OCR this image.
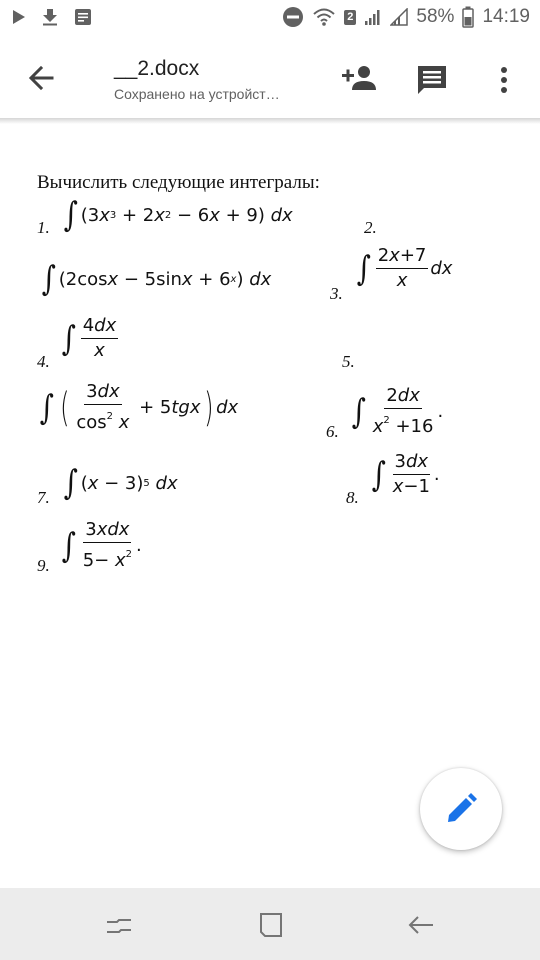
2	58% 14:19
__2.docx
Сохранено на устройст…
Вычислить следующие интегралы:
1. ∫ (3 x 3 + 2 x 2 − 6 x + 9) dx
2.
∫ (2cos x − 5sin x + 6 x ) dx
3.
∫ $\frac{2x+7}{x}$ dx
4.
∫ $\frac{4dx}{x}$	5.
∫ ( $\frac{3dx}{\cos^2 x} + 5$ tgx ) dx
6. ∫ $\frac{2dx}{x^2 +16}$ .
7. ∫ ( x − 3) 5
dx
8.
∫ $\frac{3dx}{x-1}$ .
9. ∫ $\frac{\text{3xdx}}{5- x^2}$ .
